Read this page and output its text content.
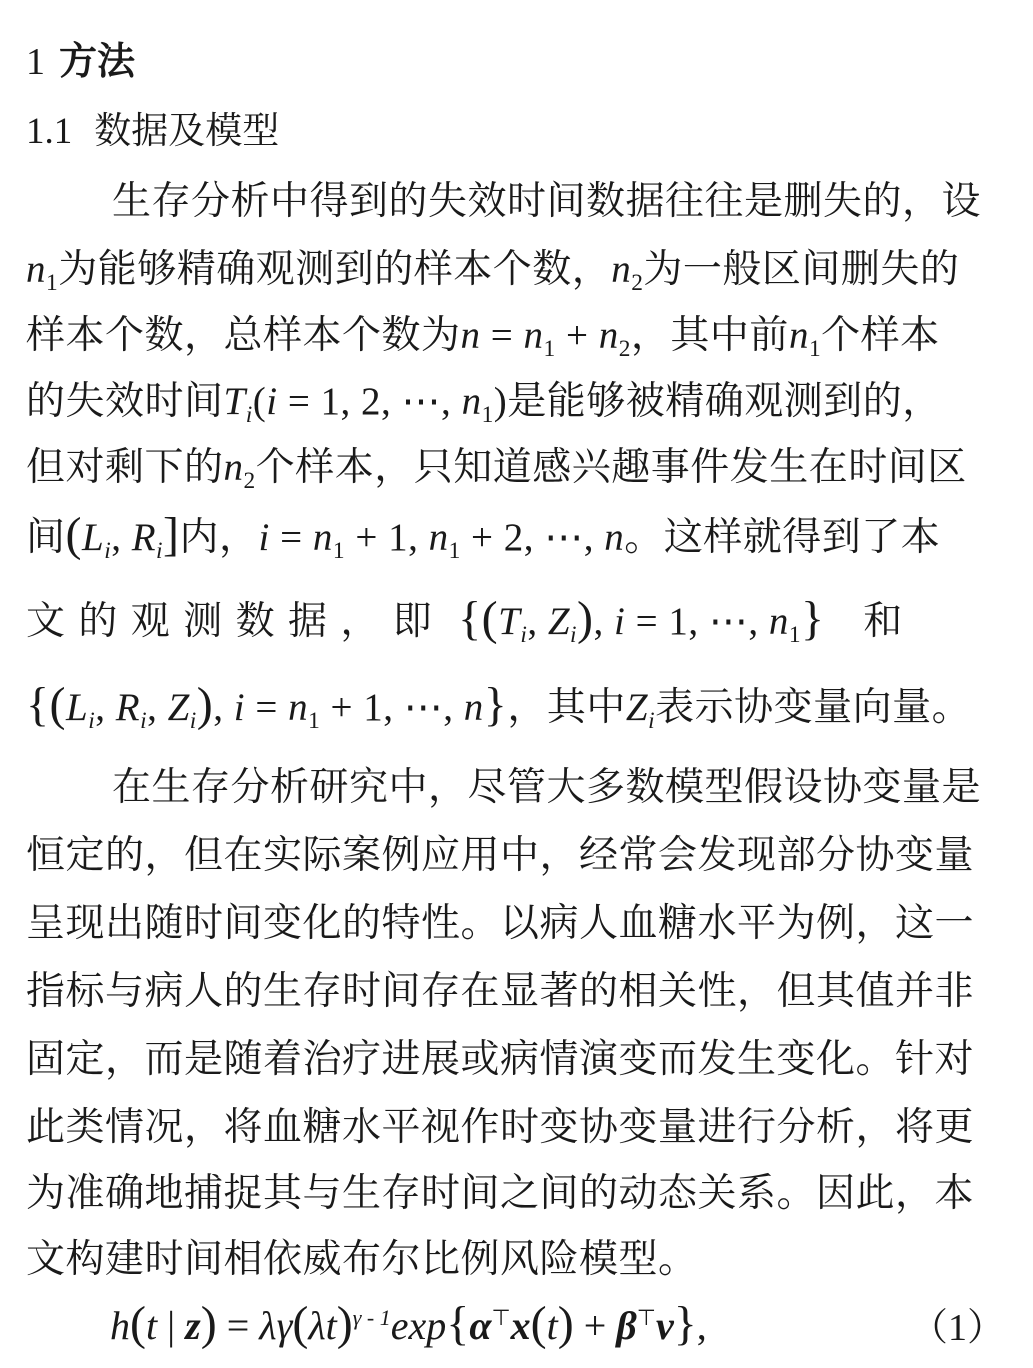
1 方法
1.1 数据及模型
生存分析中得到的失效时间数据往往是删失的，设
$n_1$为能够精确观测到的样本个数，$n_2$为一般区间删失的
样本个数，总样本个数为$n = n_1 + n_2$，其中前$n_1$个样本
的失效时间$T_i(i = 1$, 2, ⋯, $n_1$)是能够被精确观测到的，
但对剩下的$n_2$个样本，只知道感兴趣事件发生在时间区
间($L_i$, $R_i$]内，$i = n_1 + 1$, $n_1 + 2$, ⋯, n。这样就得到了本
文 的 观 测 数 据 ， 即 {($T_i$, $Z_i$), i = 1, ⋯, $n_1$} 和
{($L_i$, $R_i$, $Z_i$), $i = n_1 + 1$, ⋯, n}，其中$Z_i$表示协变量向量。
在生存分析研究中，尽管大多数模型假设协变量是
恒定的，但在实际案例应用中，经常会发现部分协变量
呈现出随时间变化的特性。以病人血糖水平为例，这一
指标与病人的生存时间存在显著的相关性，但其值并非
固定，而是随着治疗进展或病情演变而发生变化。针对
此类情况，将血糖水平视作时变协变量进行分析，将更
为准确地捕捉其与生存时间之间的动态关系。因此，本
文构建时间相依威布尔比例风险模型。
h(t | $z) = \lambda\gamma(\lambda t)^{\gamma - 1}\exp\{\alpha^⊤x(t) + \beta^⊤v\}$,	（1）
